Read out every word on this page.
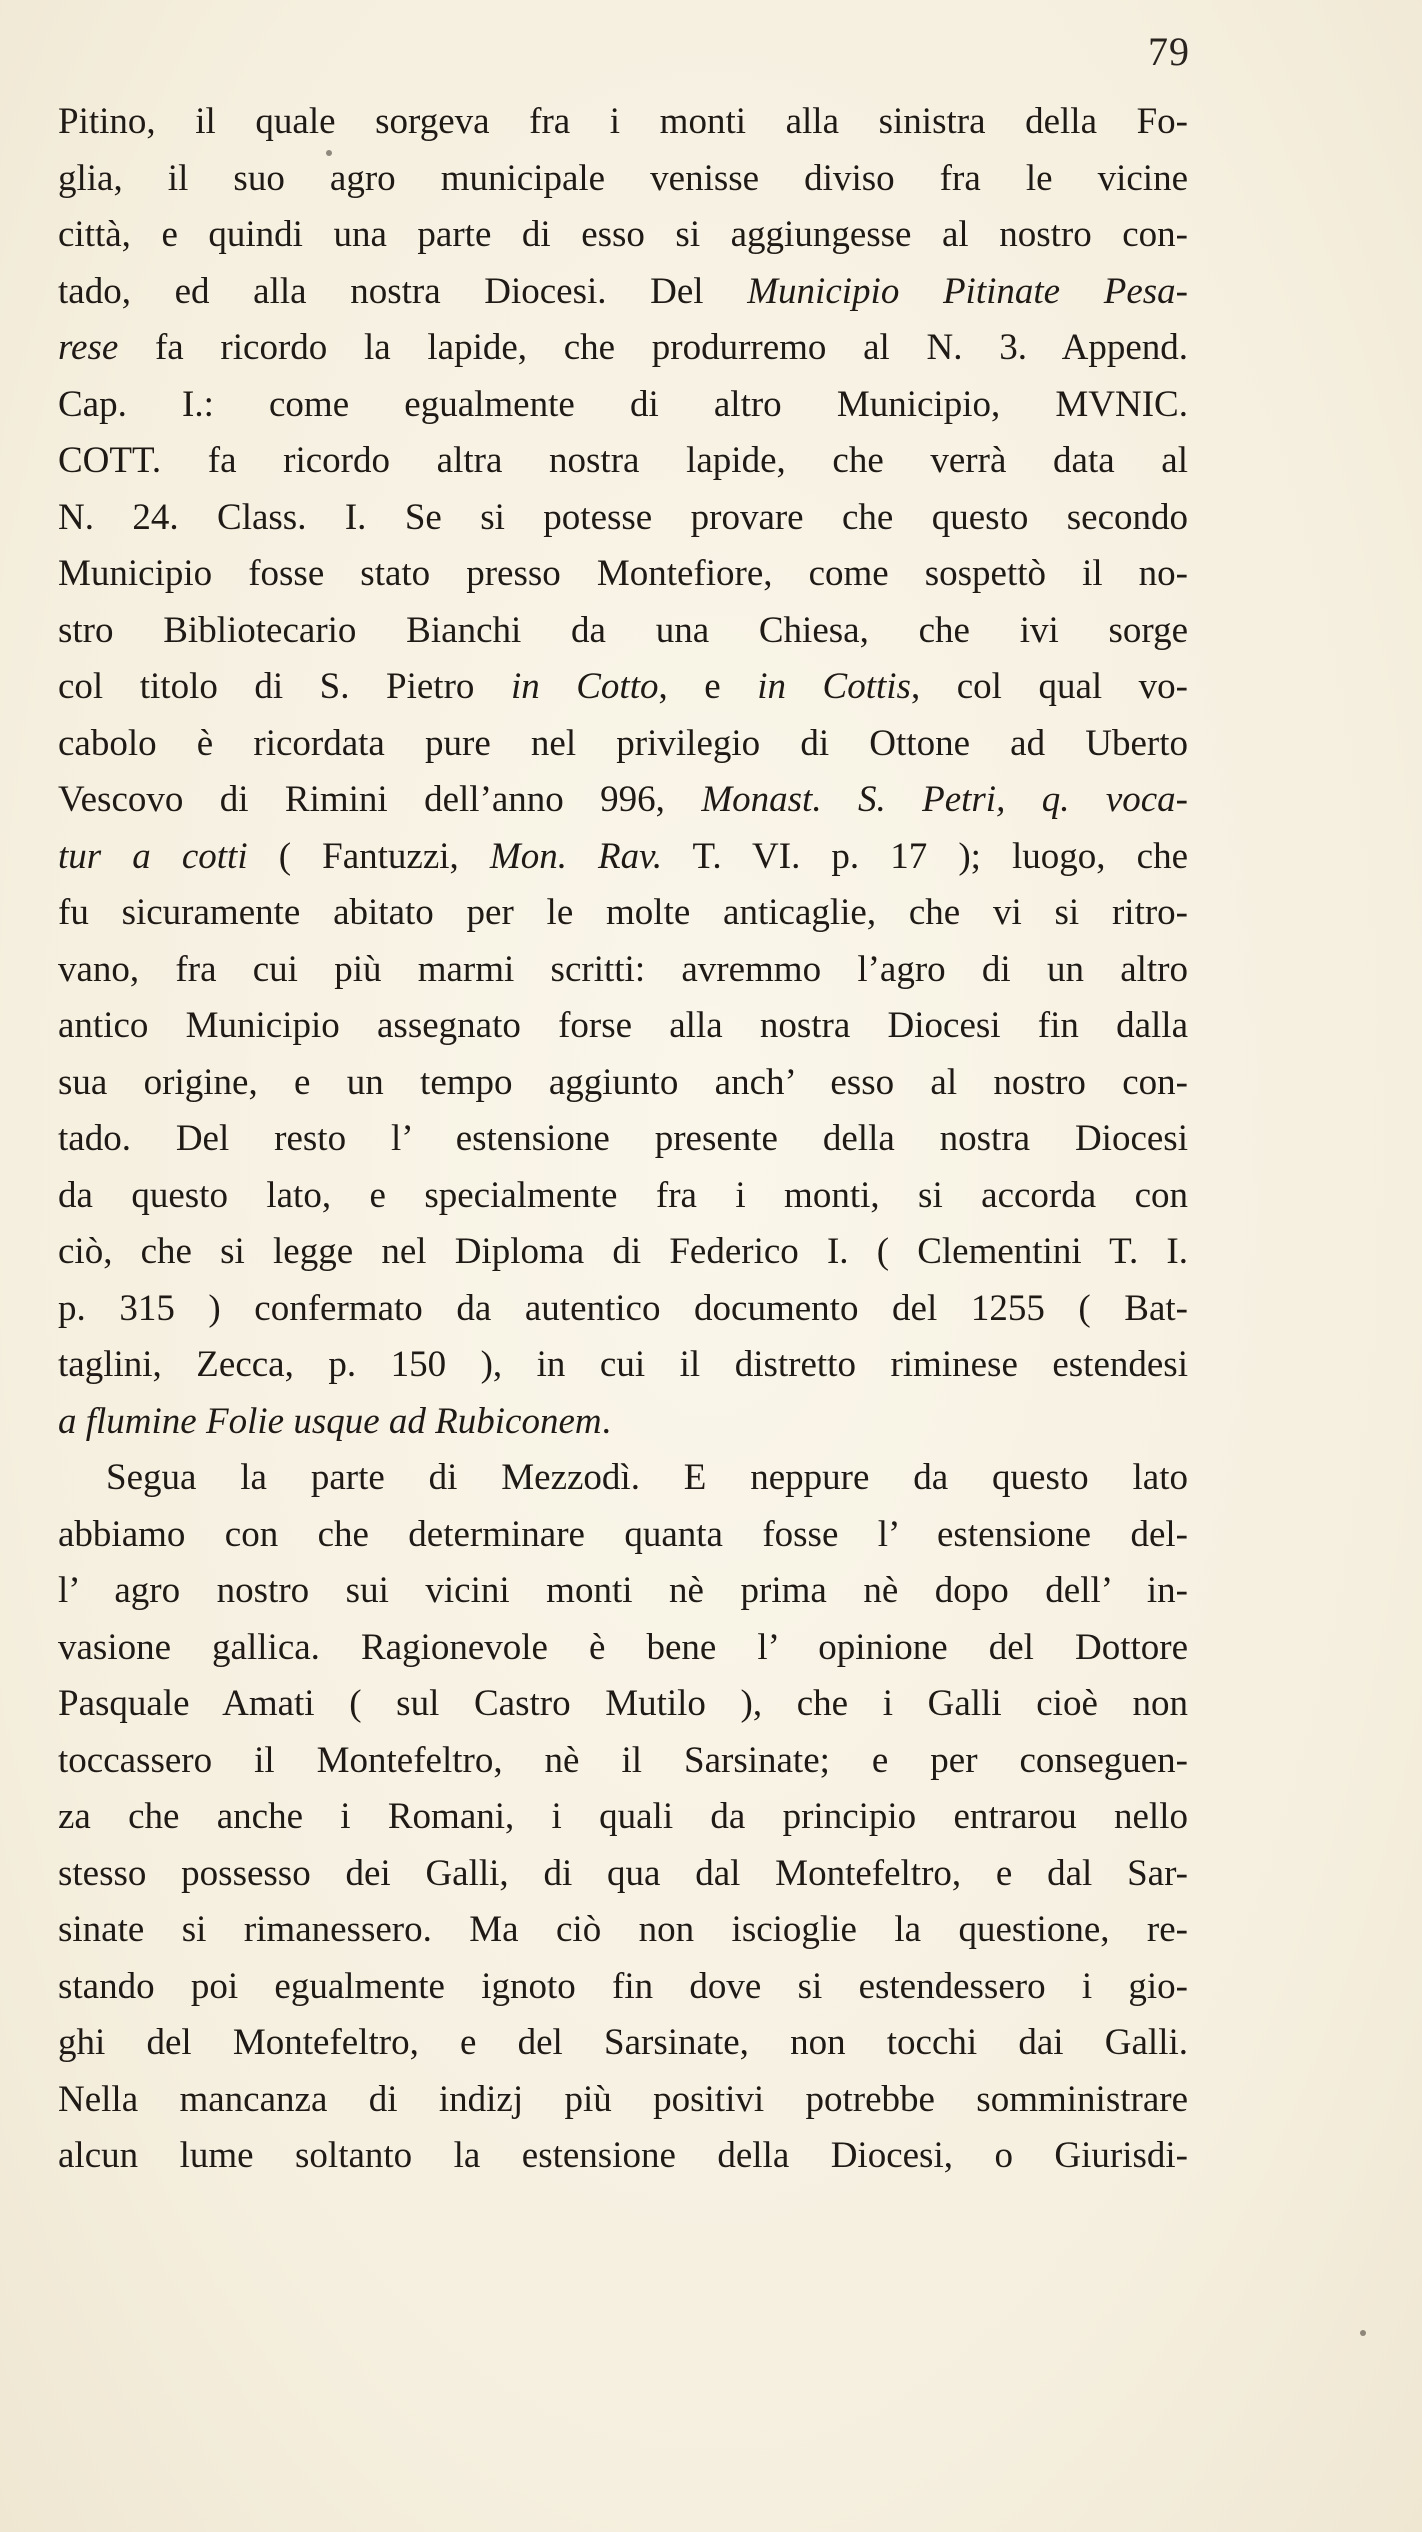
79
Pitino, il quale sorgeva fra i monti alla sinistra della Fo-
glia, il suo agro municipale venisse diviso fra le vicine
città, e quindi una parte di esso si aggiungesse al nostro con-
tado, ed alla nostra Diocesi. Del Municipio Pitinate Pesa-
rese fa ricordo la lapide, che produrremo al N. 3. Append.
Cap. I.: come egualmente di altro Municipio, MVNIC.
COTT. fa ricordo altra nostra lapide, che verrà data al
N. 24. Class. I. Se si potesse provare che questo secondo
Municipio fosse stato presso Montefiore, come sospettò il no-
stro Bibliotecario Bianchi da una Chiesa, che ivi sorge
col titolo di S. Pietro in Cotto, e in Cottis, col qual vo-
cabolo è ricordata pure nel privilegio di Ottone ad Uberto
Vescovo di Rimini dell’anno 996, Monast. S. Petri, q. voca-
tur a cotti ( Fantuzzi, Mon. Rav. T. VI. p. 17 ); luogo, che
fu sicuramente abitato per le molte anticaglie, che vi si ritro-
vano, fra cui più marmi scritti: avremmo l’agro di un altro
antico Municipio assegnato forse alla nostra Diocesi fin dalla
sua origine, e un tempo aggiunto anch’ esso al nostro con-
tado. Del resto l’ estensione presente della nostra Diocesi
da questo lato, e specialmente fra i monti, si accorda con
ciò, che si legge nel Diploma di Federico I. ( Clementini T. I.
p. 315 ) confermato da autentico documento del 1255 ( Bat-
taglini, Zecca, p. 150 ), in cui il distretto riminese estendesi
a flumine Folie usque ad Rubiconem.
Segua la parte di Mezzodì. E neppure da questo lato
abbiamo con che determinare quanta fosse l’ estensione del-
l’ agro nostro sui vicini monti nè prima nè dopo dell’ in-
vasione gallica. Ragionevole è bene l’ opinione del Dottore
Pasquale Amati ( sul Castro Mutilo ), che i Galli cioè non
toccassero il Montefeltro, nè il Sarsinate; e per conseguen-
za che anche i Romani, i quali da principio entrarou nello
stesso possesso dei Galli, di qua dal Montefeltro, e dal Sar-
sinate si rimanessero. Ma ciò non iscioglie la questione, re-
stando poi egualmente ignoto fin dove si estendessero i gio-
ghi del Montefeltro, e del Sarsinate, non tocchi dai Galli.
Nella mancanza di indizj più positivi potrebbe somministrare
alcun lume soltanto la estensione della Diocesi, o Giurisdi-
